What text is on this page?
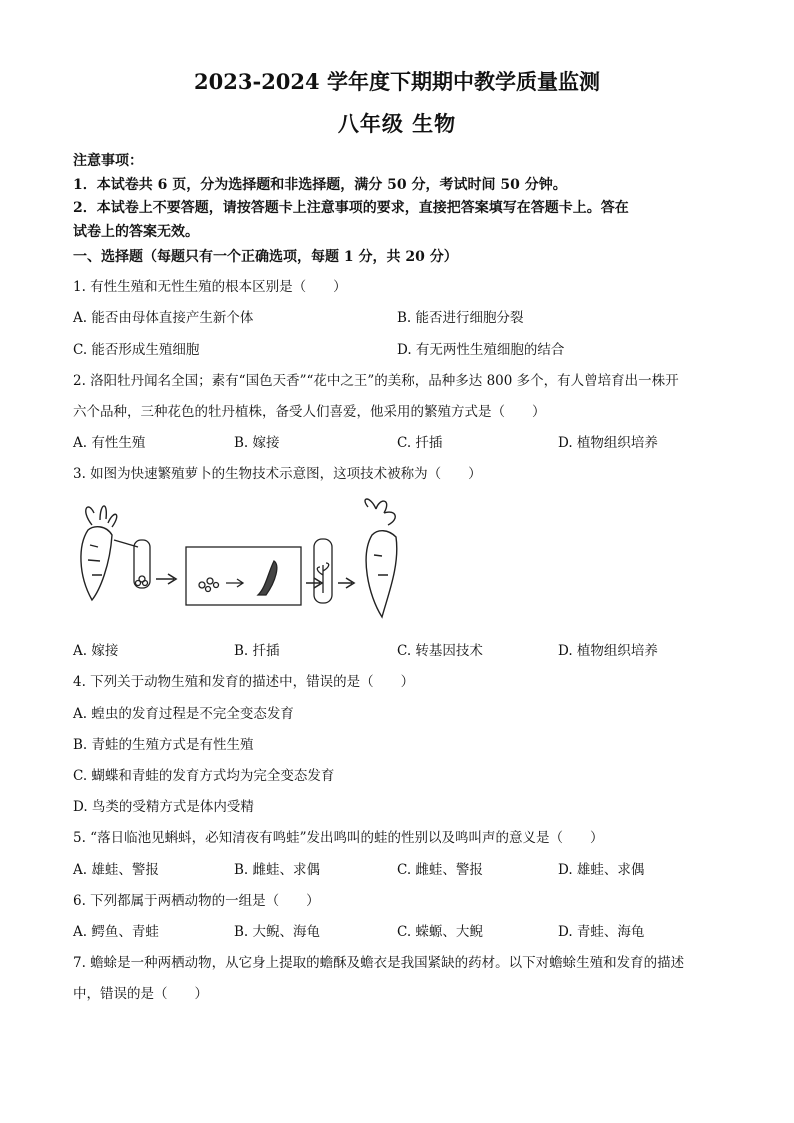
2023-2024 学年度下期期中教学质量监测
八年级 生物
注意事项：
1．本试卷共 6 页，分为选择题和非选择题，满分 50 分，考试时间 50 分钟。
2．本试卷上不要答题，请按答题卡上注意事项的要求，直接把答案填写在答题卡上。答在
试卷上的答案无效。
一、选择题（每题只有一个正确选项，每题 1 分，共 20 分）
1. 有性生殖和无性生殖的根本区别是（　　）
A. 能否由母体直接产生新个体	B. 能否进行细胞分裂
C. 能否形成生殖细胞	D. 有无两性生殖细胞的结合
2. 洛阳牡丹闻名全国；素有“国色天香”“花中之王”的美称，品种多达 800 多个，有人曾培育出一株开
六个品种，三种花色的牡丹植株，备受人们喜爱，他采用的繁殖方式是（　　）
A. 有性生殖	B. 嫁接	C. 扦插	D. 植物组织培养
3. 如图为快速繁殖萝卜的生物技术示意图，这项技术被称为（　　）
A. 嫁接	B. 扦插	C. 转基因技术	D. 植物组织培养
4. 下列关于动物生殖和发育的描述中，错误的是（　　）
A. 蝗虫的发育过程是不完全变态发育
B. 青蛙的生殖方式是有性生殖
C. 蝴蝶和青蛙的发育方式均为完全变态发育
D. 鸟类的受精方式是体内受精
5. “落日临池见蝌蚪，必知清夜有鸣蛙”发出鸣叫的蛙的性别以及鸣叫声的意义是（　　）
A. 雄蛙、警报	B. 雌蛙、求偶	C. 雌蛙、警报	D. 雄蛙、求偶
6. 下列都属于两栖动物的一组是（　　）
A. 鳄鱼、青蛙	B. 大鲵、海龟	C. 蝾螈、大鲵	D. 青蛙、海龟
7. 蟾蜍是一种两栖动物，从它身上提取的蟾酥及蟾衣是我国紧缺的药材。以下对蟾蜍生殖和发育的描述
中，错误的是（　　）
